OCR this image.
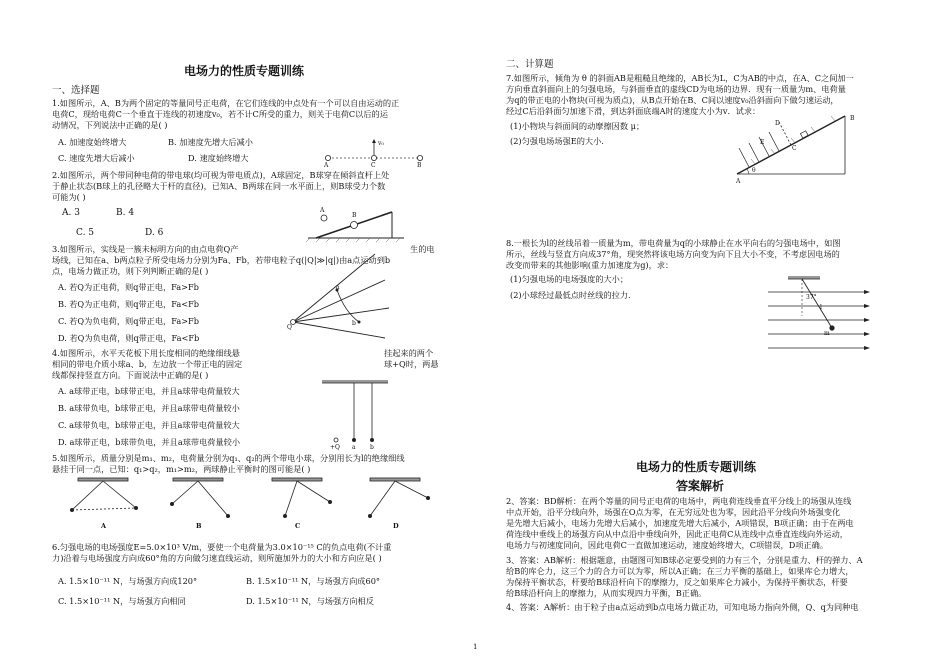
电场力的性质专题训练
一、选择题
1.如图所示，A、B为两个固定的等量同号正电荷，在它们连线的中点处有一个可以自由运动的正
电荷C，现给电荷C一个垂直于连线的初速度v₀，若不计C所受的重力，则关于电荷C以后的运
动情况，下列说法中正确的是( )
A. 加速度始终增大	B. 加速度先增大后减小
C. 速度先增大后减小	D. 速度始终增大
A	C	B
v₀
2.如图所示，两个带同种电荷的带电球(均可视为带电质点)，A球固定，B球穿在倾斜直杆上处
于静止状态(B球上的孔径略大于杆的直径)，已知A、B两球在同一水平面上，则B球受力个数
可能为( )
A. 3	B. 4
C. 5	D. 6
A
B
3.如图所示，实线是一簇未标明方向的由点电荷Q产	生的电
场线，已知在a、b两点粒子所受电场力分别为Fa、Fb，若带电粒子q(|Q|≫|q|)由a点运动到b
点，电场力做正功，则下列判断正确的是( )
A. 若Q为正电荷，则q带正电，Fa>Fb
B. 若Q为正电荷，则q带正电，Fa<Fb
C. 若Q为负电荷，则q带正电，Fa>Fb
D. 若Q为负电荷，则q带正电，Fa<Fb
a
b
Q
4.如图所示，水平天花板下用长度相同的绝缘细线悬	挂起来的两个
相同的带电介质小球a、b，左边放一个带正电的固定	球+Q时，两悬
线都保持竖直方向。下面说法中正确的是( )
A. a球带正电，b球带正电，并且a球带电荷量较大
B. a球带负电，b球带正电，并且a球带电荷量较小
C. a球带负电，b球带正电，并且a球带电荷量较大
D. a球带正电，b球带负电，并且a球带电荷量较小
+Q a b
5.如图所示，质量分别是m₁、m₂，电荷量分别为q₁、q₂的两个带电小球，分别用长为l的绝缘细线
悬挂于同一点，已知：q₁>q₂，m₁>m₂，两球静止平衡时的图可能是( )
A	B	C	D
6.匀强电场的电场强度E=5.0×10³ V/m，要使一个电荷量为3.0×10⁻¹⁵ C的负点电荷(不计重
力)沿着与电场强度方向成60°角的方向做匀速直线运动，则所施加外力的大小和方向应是( )
A. 1.5×10⁻¹¹ N，与场强方向成120°	B. 1.5×10⁻¹¹ N，与场强方向成60°
C. 1.5×10⁻¹¹ N，与场强方向相同	D. 1.5×10⁻¹¹ N，与场强方向相反
二、计算题
7.如图所示，倾角为 θ 的斜面AB是粗糙且绝缘的，AB长为L，C为AB的中点，在A、C之间加一
方向垂直斜面向上的匀强电场，与斜面垂直的虚线CD为电场的边界．现有一质量为m、电荷量
为q的带正电的小物块(可视为质点)，从B点开始在B、C间以速度v₀沿斜面向下做匀速运动，
经过C后沿斜面匀加速下滑，到达斜面底端A时的速度大小为v．试求：
(1)小物块与斜面间的动摩擦因数 μ；
(2)匀强电场场强E的大小.
B
D
C
A
E
θ
8.一根长为l的丝线吊着一质量为m，带电荷量为q的小球静止在水平向右的匀强电场中，如图
所示，丝线与竖直方向成37°角，现突然将该电场方向变为向下且大小不变，不考虑因电场的
改变而带来的其他影响(重力加速度为g)，求：
(1)匀强电场的电场强度的大小；
(2)小球经过最低点时丝线的拉力.	37°
l
m
电场力的性质专题训练
答案解析
2、答案：BD解析：在两个等量的同号正电荷的电场中，两电荷连线垂直平分线上的场强从连线
中点开始，沿平分线向外，场强在O点为零，在无穷远处也为零，因此沿平分线向外场强变化
是先增大后减小，电场力先增大后减小，加速度先增大后减小，A项错误，B项正确；由于在两电
荷连线中垂线上的场强方向从中点沿中垂线向外，因此正电荷C从连线中点垂直连线向外运动，
电场力与初速度同向，因此电荷C一直做加速运动，速度始终增大，C项错误，D项正确。
3、答案：AB解析：根据题意，由题图可知B球必定要受到的力有三个，分别是重力、杆的弹力、A
给B的库仑力，这三个力的合力可以为零，所以A正确；在三力平衡的基础上，如果库仑力增大，
为保持平衡状态，杆要给B球沿杆向下的摩擦力，反之如果库仑力减小，为保持平衡状态，杆要
给B球沿杆向上的摩擦力，从而实现四力平衡，B正确。
4、答案：A解析：由于粒子由a点运动到b点电场力做正功，可知电场力指向外侧，Q、q为同种电
1
